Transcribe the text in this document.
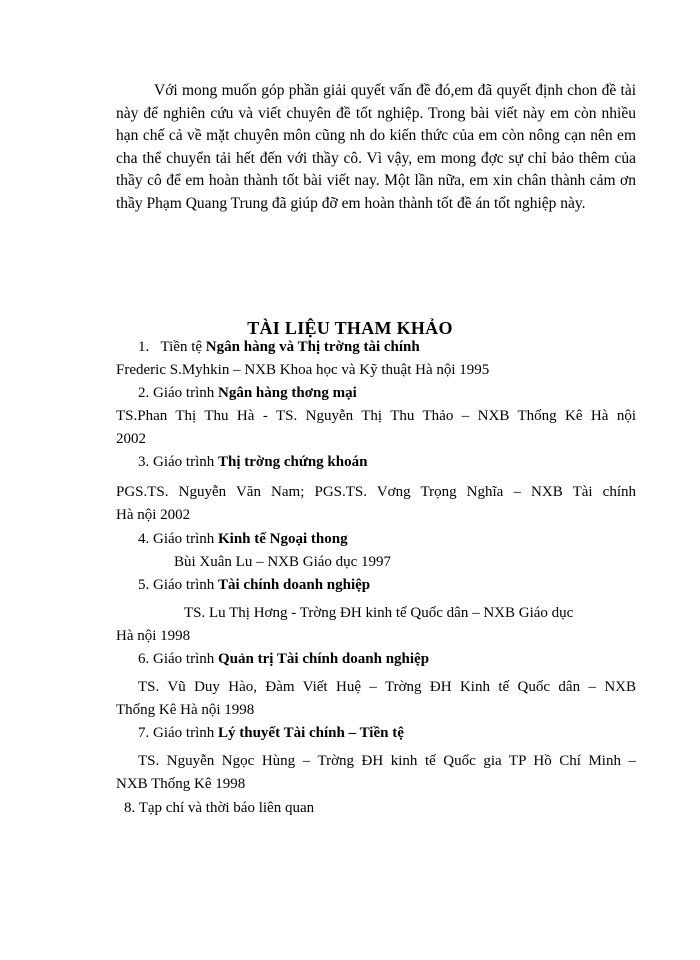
Với mong muốn góp phần giải quyết vấn đề đó,em đã quyết định chon đề tài này để nghiên cứu và viết chuyên đề tốt nghiệp. Trong bài viết này em còn nhiều hạn chế cả về mặt chuyên môn cũng nh do kiến thức của em còn nông cạn nên em cha thể chuyển tải hết đến với thầy cô. Vì vậy, em mong đợc sự chỉ bảo thêm của thầy cô để em hoàn thành tốt bài viết nay. Một lần nữa, em xin chân thành cảm ơn thầy Phạm Quang Trung đã giúp đỡ em hoàn thành tốt đề án tốt nghiệp này.

TÀI LIỆU THAM KHẢO
1. Tiền tệ Ngân hàng và Thị trờng tài chính
Frederic S.Myhkin – NXB Khoa học và Kỹ thuật Hà nội 1995
2. Giáo trình Ngân hàng thơng mại
TS.Phan Thị Thu Hà - TS. Nguyễn Thị Thu Thảo – NXB Thống Kê Hà nội
2002
3. Giáo trình Thị trờng chứng khoán
PGS.TS. Nguyễn Văn Nam; PGS.TS. Vơng Trọng Nghĩa – NXB Tài chính
Hà nội 2002
4. Giáo trình Kinh tế Ngoại thong
Bùi Xuân Lu – NXB Giáo dục 1997
5. Giáo trình Tài chính doanh nghiệp
TS. Lu Thị Hơng - Trờng ĐH kinh tế Quốc dân – NXB Giáo dục
Hà nội 1998
6. Giáo trình Quản trị Tài chính doanh nghiệp
TS. Vũ Duy Hào, Đàm Viết Huệ – Trờng ĐH Kinh tế Quốc dân – NXB
Thống Kê Hà nội 1998
7. Giáo trình Lý thuyết Tài chính – Tiền tệ
TS. Nguyễn Ngọc Hùng – Trờng ĐH kinh tế Quốc gia TP Hồ Chí Minh –
NXB Thống Kê 1998
8. Tạp chí và thời báo liên quan
